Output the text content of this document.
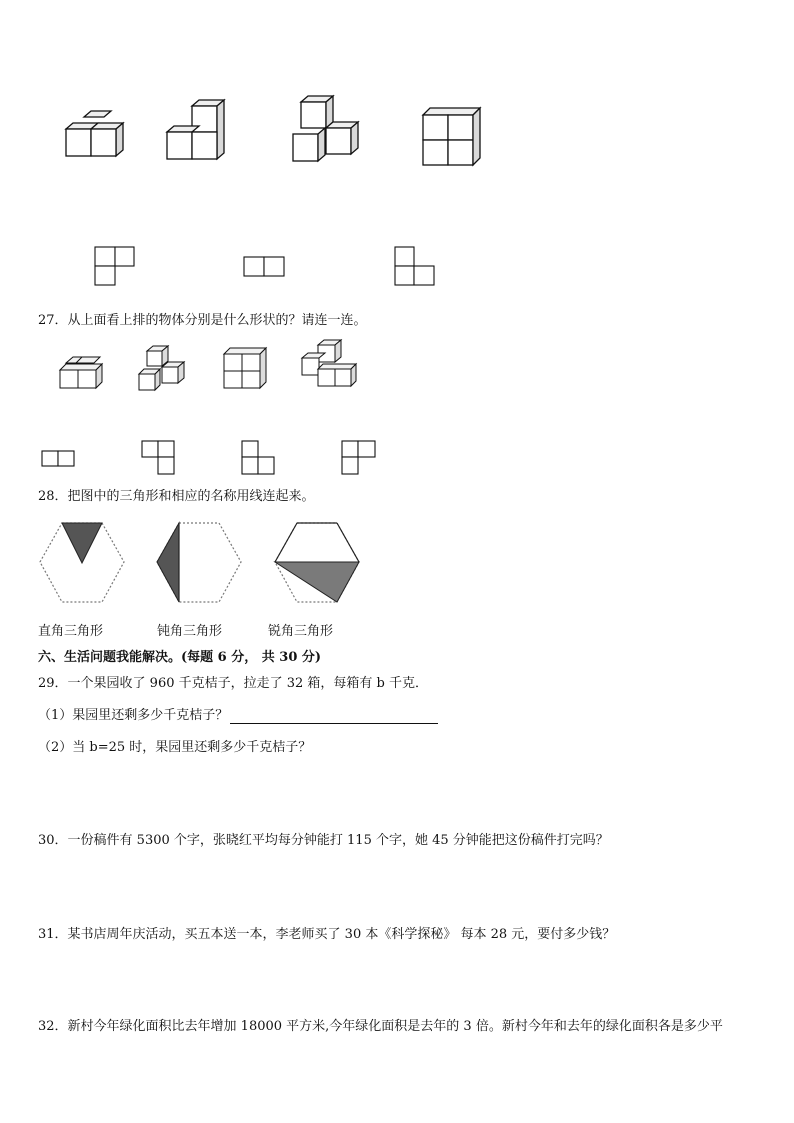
27．从上面看上排的物体分别是什么形状的？请连一连。
28．把图中的三角形和相应的名称用线连起来。
直角三角形	钝角三角形	锐角三角形
六、生活问题我能解决。(每题 6 分， 共 30 分)
29．一个果园收了 960 千克桔子，拉走了 32 箱，每箱有 b 千克．
（1）果园里还剩多少千克桔子？
（2）当 b=25 时，果园里还剩多少千克桔子？
30．一份稿件有 5300 个字，张晓红平均每分钟能打 115 个字，她 45 分钟能把这份稿件打完吗？
31．某书店周年庆活动，买五本送一本，李老师买了 30 本《科学探秘》 每本 28 元，要付多少钱？
32．新村今年绿化面积比去年增加 18000 平方米,今年绿化面积是去年的 3 倍。新村今年和去年的绿化面积各是多少平
